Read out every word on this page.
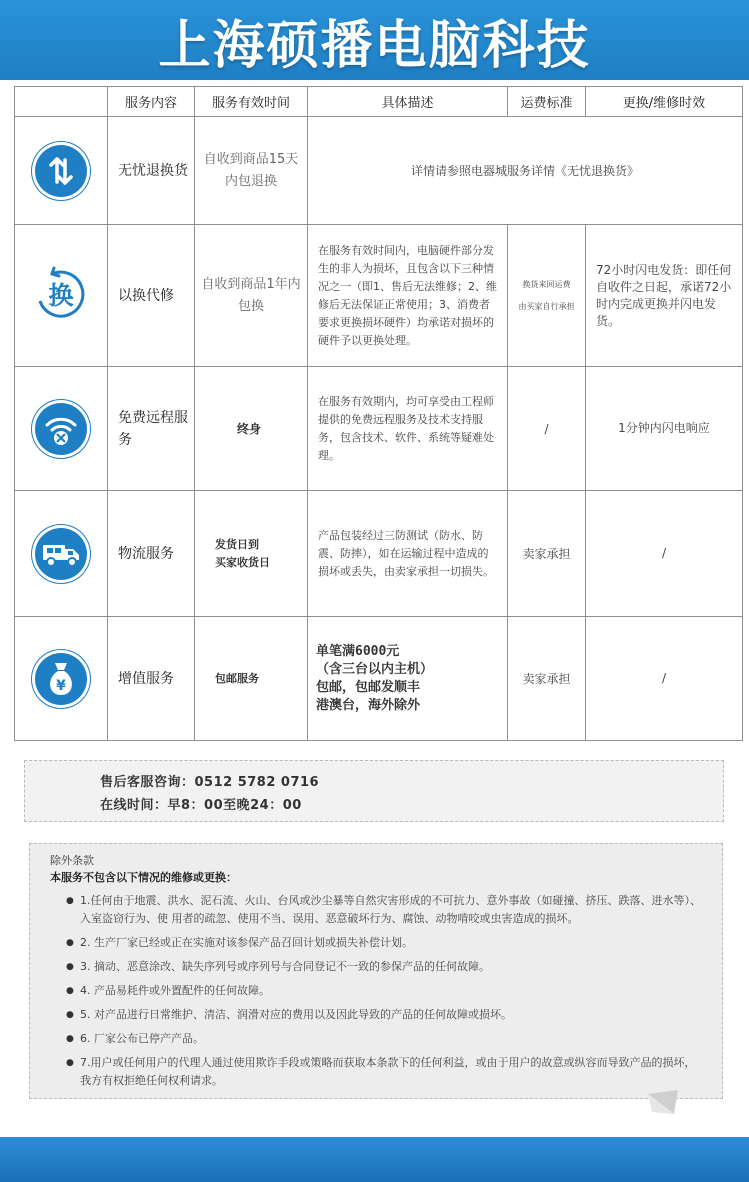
上海硕播电脑科技
	服务内容	服务有效时间	具体描述	运费标准	更换/维修时效

	无忧退换货	自收到商品15天内包退换	详情请参照电器城服务详情《无忧退换货》		

换	以换代修	自收到商品1年内包换	在服务有效时间内，电脑硬件部分发生的非人为损坏，且包含以下三种情况之一（即1、售后无法维修；2、维修后无法保证正常使用；3、消费者要求更换损坏硬件）均承诺对损坏的硬件予以更换处理。	换货来回运费
由买家自行承担	72小时闪电发货：即任何自收件之日起，承诺72小时内完成更换并闪电发货。

	免费远程服务	终身	在服务有效期内，均可享受由工程师提供的免费远程服务及技术支持服务，包含技术、软件、系统等疑难处理。	/	1分钟内闪电响应

	物流服务	发货日到
买家收货日	产品包装经过三防测试（防水、防震、防摔），如在运输过程中造成的损坏或丢失，由卖家承担一切损失。	卖家承担	/

¥	增值服务	包邮服务	单笔满6000元
（含三台以内主机）
包邮，包邮发顺丰
港澳台，海外除外	卖家承担	/
售后客服咨询：0512 5782 0716
在线时间：早8：00至晚24：00
除外条款
本服务不包含以下情况的维修或更换：
● 1.任何由于地震、洪水、泥石流、火山、台风或沙尘暴等自然灾害形成的不可抗力、意外事故（如碰撞、挤压、跌落、进水等）、入室盗窃行为、使 用者的疏忽、使用不当、误用、恶意破坏行为、腐蚀、动物啃咬或虫害造成的损坏。
● 2. 生产厂家已经或正在实施对该参保产品召回计划或损失补偿计划。
● 3. 摘动、恶意涂改、缺失序列号或序列号与合同登记不一致的参保产品的任何故障。
● 4. 产品易耗件或外置配件的任何故障。
● 5. 对产品进行日常维护、清洁、润滑对应的费用以及因此导致的产品的任何故障或损坏。
● 6. 厂家公布已停产产品。
● 7.用户或任何用户的代理人通过使用欺诈手段或策略而获取本条款下的任何利益，或由于用户的故意或纵容而导致产品的损坏，我方有权拒绝任何权利请求。
